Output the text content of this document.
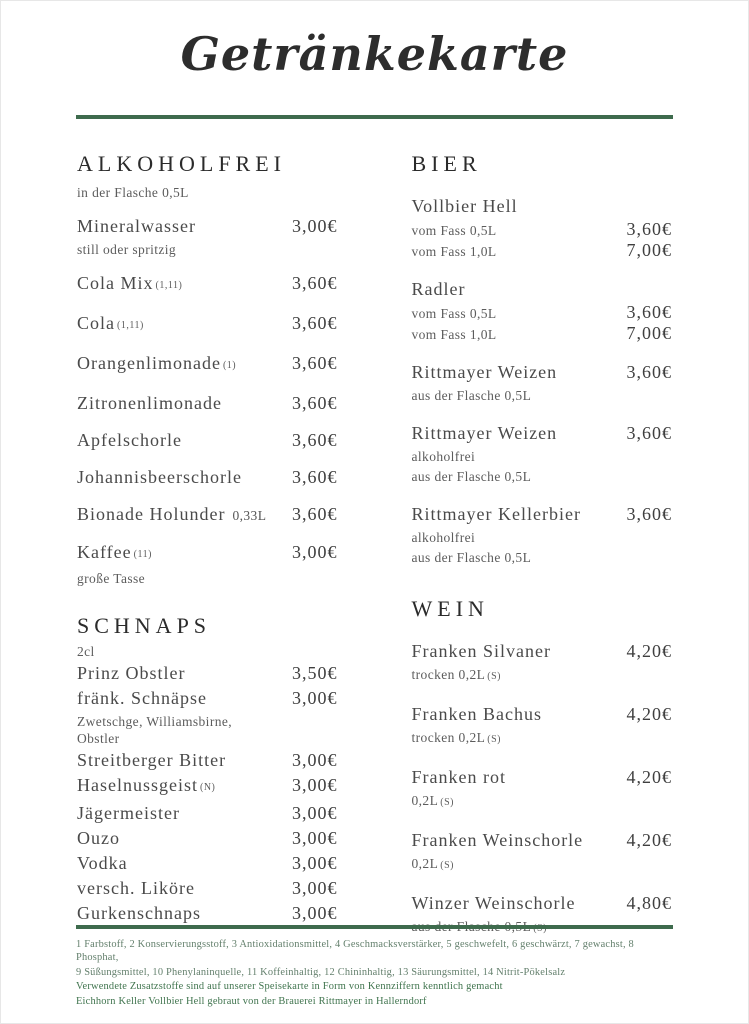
Getränkekarte
ALKOHOLFREI
in der Flasche 0,5L
Mineralwasser	3,00€
still oder spritzig
Cola Mix (1,11)	3,60€
Cola (1,11)	3,60€
Orangenlimonade (1)	3,60€
Zitronenlimonade	3,60€
Apfelschorle	3,60€
Johannisbeerschorle	3,60€
Bionade Holunder 0,33L	3,60€
Kaffee (11)	3,00€
große Tasse
SCHNAPS
2cl
Prinz Obstler	3,50€
fränk. Schnäpse	3,00€
Zwetschge, Williamsbirne, Obstler
Streitberger Bitter	3,00€
Haselnussgeist (N)	3,00€
Jägermeister	3,00€
Ouzo	3,00€
Vodka	3,00€
versch. Liköre	3,00€
Gurkenschnaps	3,00€
BIER
Vollbier Hell
vom Fass 0,5L	3,60€
vom Fass 1,0L	7,00€
Radler
vom Fass 0,5L	3,60€
vom Fass 1,0L	7,00€
Rittmayer Weizen	3,60€
aus der Flasche 0,5L
Rittmayer Weizen	3,60€
alkoholfrei
aus der Flasche 0,5L
Rittmayer Kellerbier	3,60€
alkoholfrei
aus der Flasche 0,5L
WEIN
Franken Silvaner	4,20€
trocken 0,2L (S)
Franken Bachus	4,20€
trocken 0,2L (S)
Franken rot	4,20€
0,2L (S)
Franken Weinschorle	4,20€
0,2L (S)
Winzer Weinschorle	4,80€

1 Farbstoff, 2 Konservierungsstoff, 3 Antioxidationsmittel, 4 Geschmacksverstärker, 5 geschwefelt, 6 geschwärzt, 7 gewachst, 8 Phosphat,

9 Süßungsmittel, 10 Phenylaninquelle, 11 Koffeinhaltig, 12 Chininhaltig, 13 Säurungsmittel, 14 Nitrit-Pökelsalz

Verwendete Zusatzstoffe sind auf unserer Speisekarte in Form von Kennziffern kenntlich gemacht

Eichhorn Keller Vollbier Hell gebraut von der Brauerei Rittmayer in Hallerndorf
